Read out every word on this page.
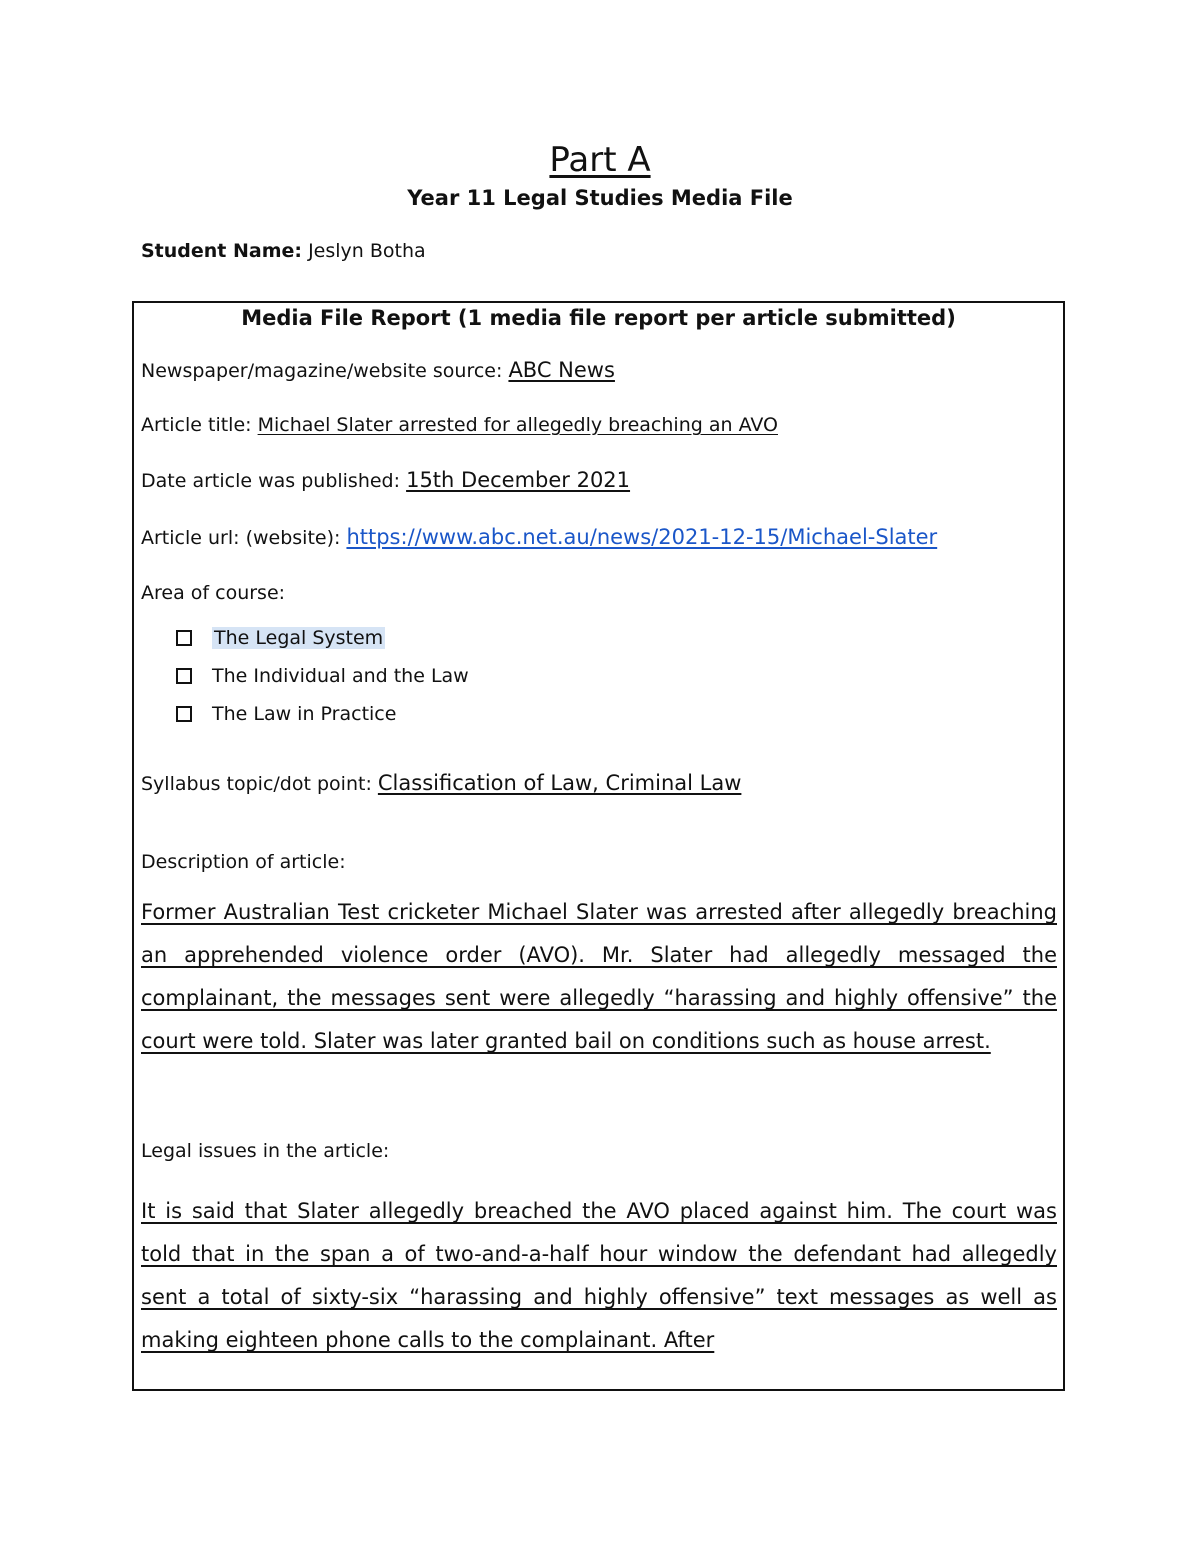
Part A
Year 11 Legal Studies Media File
Student Name: Jeslyn Botha
Media File Report (1 media file report per article submitted)
Newspaper/magazine/website source: ABC News
Article title: Michael Slater arrested for allegedly breaching an AVO
Date article was published: 15th December 2021
Article url: (website): https://www.abc.net.au/news/2021-12-15/Michael-Slater
Area of course:
The Legal System
The Individual and the Law
The Law in Practice
Syllabus topic/dot point: Classification of Law, Criminal Law
Description of article:
Former Australian Test cricketer Michael Slater was arrested after allegedly breaching an apprehended violence order (AVO). Mr. Slater had allegedly messaged the complainant, the messages sent were allegedly “harassing and highly offensive” the court were told. Slater was later granted bail on conditions such as house arrest.
Legal issues in the article:
It is said that Slater allegedly breached the AVO placed against him. The court was told that in the span a of two-and-a-half hour window the defendant had allegedly sent a total of sixty-six “harassing and highly offensive” text messages as well as making eighteen phone calls to the complainant. After
